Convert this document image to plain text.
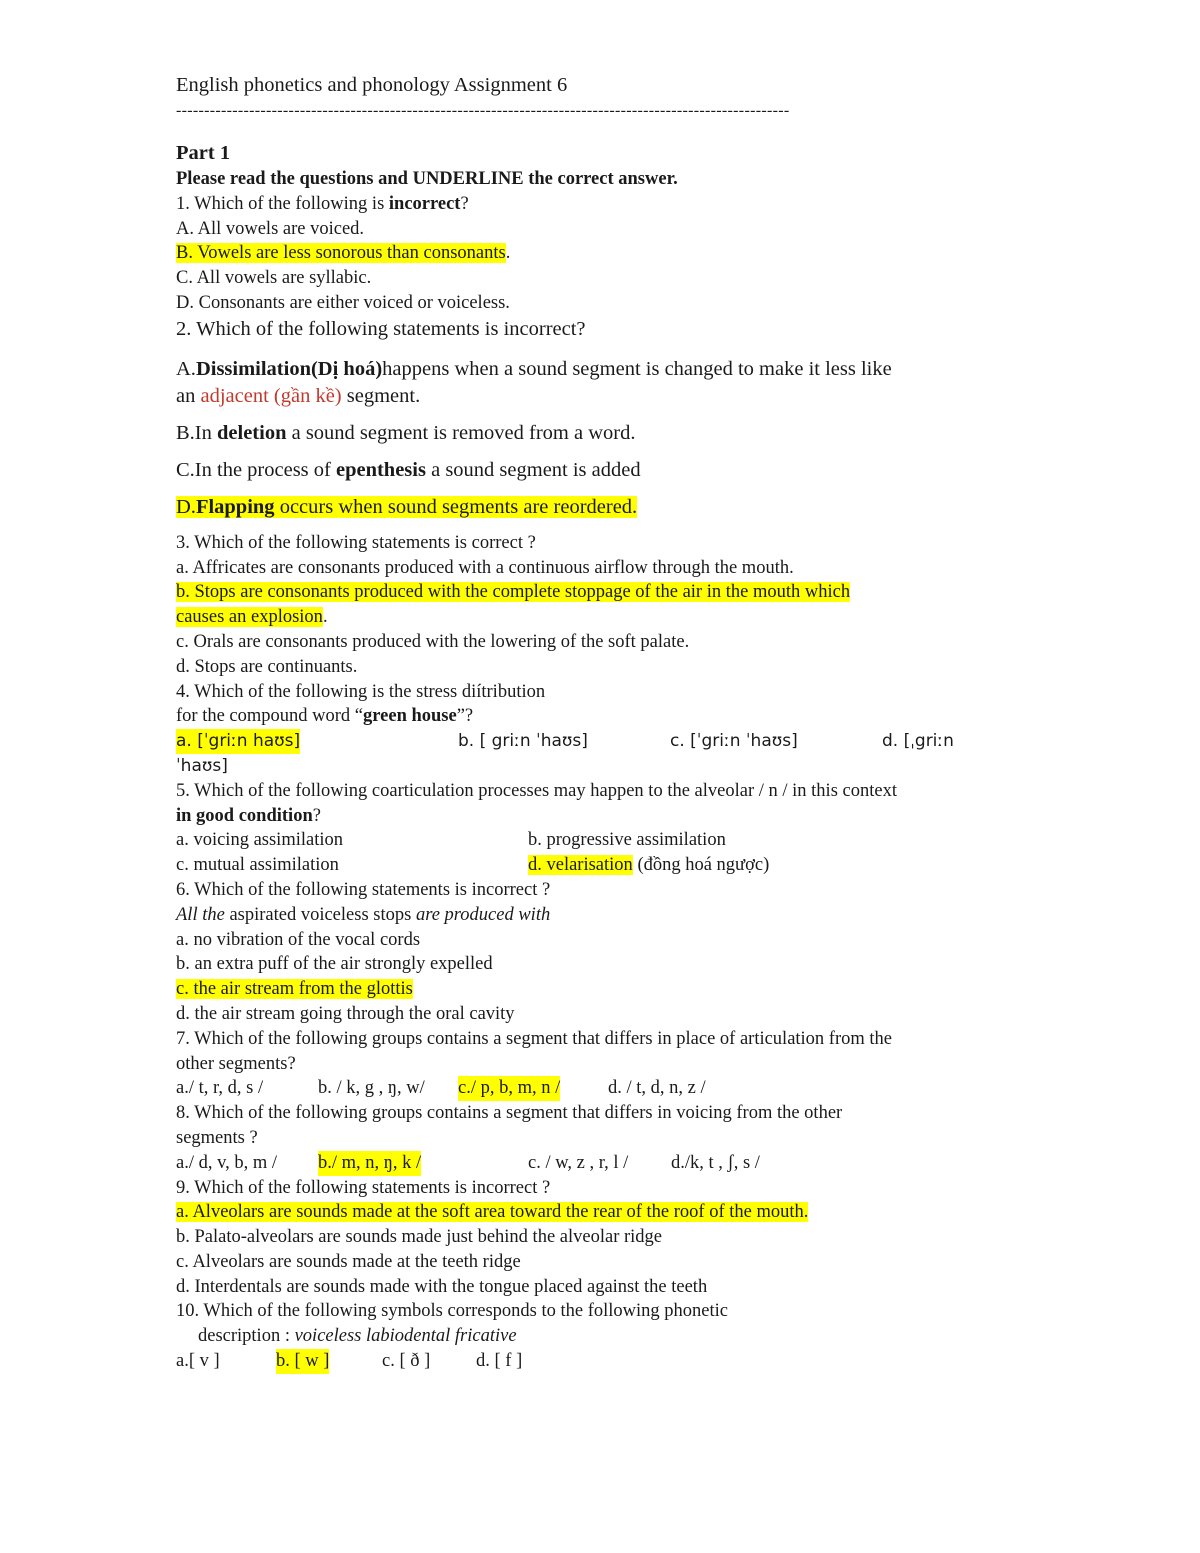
English phonetics and phonology Assignment 6
-------------------------------------------------------------------------------------------------------------
Part 1
Please read the questions and UNDERLINE the correct answer.
1. Which of the following is incorrect?
A. All vowels are voiced.
B. Vowels are less sonorous than consonants.
C. All vowels are syllabic.
D. Consonants are either voiced or voiceless.
2. Which of the following statements is incorrect?
A.Dissimilation(Dị hoá)happens when a sound segment is changed to make it less like
an adjacent (gần kề) segment.
B.In deletion a sound segment is removed from a word.
C.In the process of epenthesis a sound segment is added
D.Flapping occurs when sound segments are reordered.
3. Which of the following statements is correct ?
a. Affricates are consonants produced with a continuous airflow through the mouth.
b. Stops are consonants produced with the complete stoppage of the air in the mouth which
causes an explosion.
c. Orals are consonants produced with the lowering of the soft palate.
d. Stops are continuants.
4. Which of the following is the stress diítribution
for the compound word “green house”?
a. [ˈgriːn haʊs]	b. [ griːn ˈhaʊs]	c. [ˈgriːn ˈhaʊs]	d. [ˌgriːn
ˈhaʊs]
5. Which of the following coarticulation processes may happen to the alveolar / n / in this context
in good condition?
a. voicing assimilation	b. progressive assimilation
c. mutual assimilation	d. velarisation (đồng hoá ngược)
6. Which of the following statements is incorrect ?
All the aspirated voiceless stops are produced with
a. no vibration of the vocal cords
b. an extra puff of the air strongly expelled
c. the air stream from the glottis
d. the air stream going through the oral cavity
7. Which of the following groups contains a segment that differs in place of articulation from the
other segments?
a./ t, r, d, s /	b. / k, g , ŋ, w/ c./ p, b, m, n /	d. / t, d, n, z /
8. Which of the following groups contains a segment that differs in voicing from the other
segments ?
a./ d, v, b, m / b./ m, n, ŋ, k /	c. / w, z , r, l / d./k, t , ʃ, s /
9. Which of the following statements is incorrect ?
a. Alveolars are sounds made at the soft area toward the rear of the roof of the mouth.
b. Palato-alveolars are sounds made just behind the alveolar ridge
c. Alveolars are sounds made at the teeth ridge
d. Interdentals are sounds made with the tongue placed against the teeth
10. Which of the following symbols corresponds to the following phonetic
description : voiceless labiodental fricative
a.[ v ]	b. [ w ]	c. [ ð ] d. [ f ]
